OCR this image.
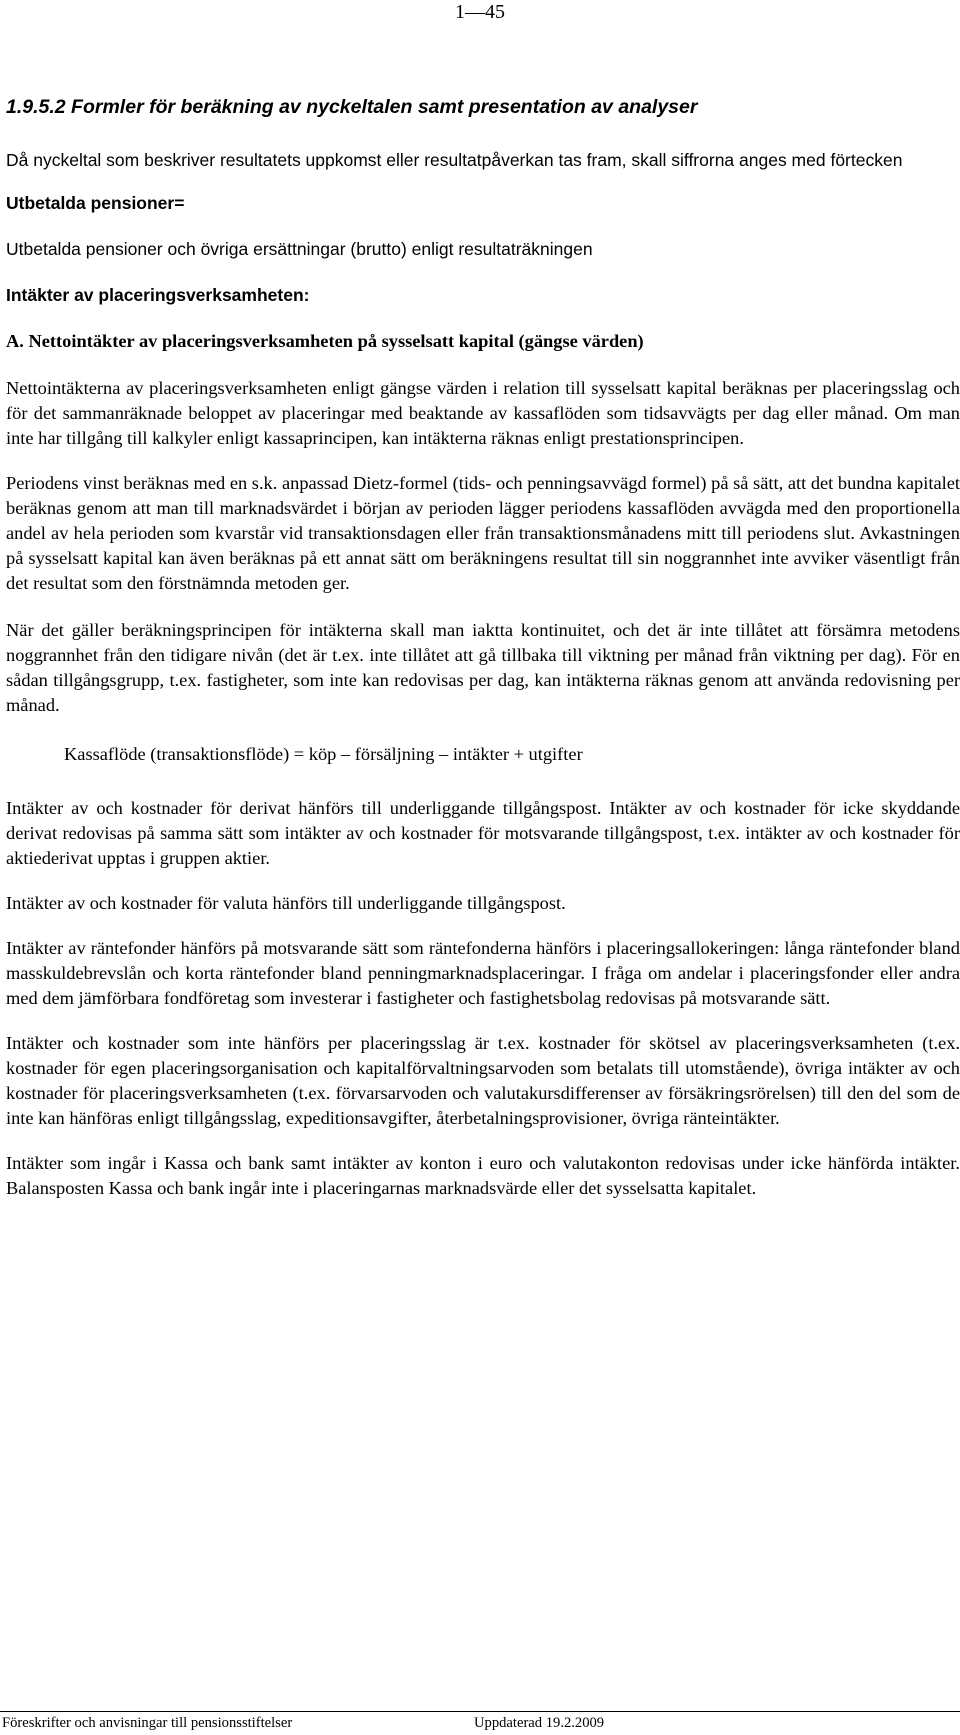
1—45
1.9.5.2 Formler för beräkning av nyckeltalen samt presentation av analyser

Då nyckeltal som beskriver resultatets uppkomst eller resultatpåverkan tas fram, skall siffrorna anges med förtecken

Utbetalda pensioner=

Utbetalda pensioner och övriga ersättningar (brutto) enligt resultaträkningen

Intäkter av placeringsverksamheten:

A. Nettointäkter av placeringsverksamheten på sysselsatt kapital (gängse värden)

Nettointäkterna av placeringsverksamheten enligt gängse värden i relation till sysselsatt kapital beräknas per placeringsslag och för det sammanräknade beloppet av placeringar med beaktande av kassaflöden som tidsavvägts per dag eller månad. Om man inte har tillgång till kalkyler enligt kassaprincipen, kan intäkterna räknas enligt prestationsprincipen.

Periodens vinst beräknas med en s.k. anpassad Dietz-formel (tids- och penningsavvägd formel) på så sätt, att det bundna kapitalet beräknas genom att man till marknadsvärdet i början av perioden lägger periodens kassaflöden avvägda med den proportionella andel av hela perioden som kvarstår vid transaktionsdagen eller från transaktionsmånadens mitt till periodens slut. Avkastningen på sysselsatt kapital kan även beräknas på ett annat sätt om beräkningens resultat till sin noggrannhet inte avviker väsentligt från det resultat som den förstnämnda metoden ger.

När det gäller beräkningsprincipen för intäkterna skall man iaktta kontinuitet, och det är inte tillåtet att försämra metodens noggrannhet från den tidigare nivån (det är t.ex. inte tillåtet att gå tillbaka till viktning per månad från viktning per dag). För en sådan tillgångsgrupp, t.ex. fastigheter, som inte kan redovisas per dag, kan intäkterna räknas genom att använda redovisning per månad.

Kassaflöde (transaktionsflöde) = köp – försäljning – intäkter + utgifter

Intäkter av och kostnader för derivat hänförs till underliggande tillgångspost. Intäkter av och kostnader för icke skyddande derivat redovisas på samma sätt som intäkter av och kostnader för motsvarande tillgångspost, t.ex. intäkter av och kostnader för aktiederivat upptas i gruppen aktier.

Intäkter av och kostnader för valuta hänförs till underliggande tillgångspost.

Intäkter av räntefonder hänförs på motsvarande sätt som räntefonderna hänförs i placeringsallokeringen: långa räntefonder bland masskuldebrevslån och korta räntefonder bland penningmarknadsplaceringar. I fråga om andelar i placeringsfonder eller andra med dem jämförbara fondföretag som investerar i fastigheter och fastighetsbolag redovisas på motsvarande sätt.

Intäkter och kostnader som inte hänförs per placeringsslag är t.ex. kostnader för skötsel av placeringsverksamheten (t.ex. kostnader för egen placeringsorganisation och kapitalförvaltningsarvoden som betalats till utomstående), övriga intäkter av och kostnader för placeringsverksamheten (t.ex. förvarsarvoden och valutakursdifferenser av försäkringsrörelsen) till den del som de inte kan hänföras enligt tillgångsslag, expeditionsavgifter, återbetalningsprovisioner, övriga ränteintäkter.

Intäkter som ingår i Kassa och bank samt intäkter av konton i euro och valutakonton redovisas under icke hänförda intäkter. Balansposten Kassa och bank ingår inte i placeringarnas marknadsvärde eller det sysselsatta kapitalet.

Föreskrifter och anvisningar till pensionsstiftelser	Uppdaterad 19.2.2009
